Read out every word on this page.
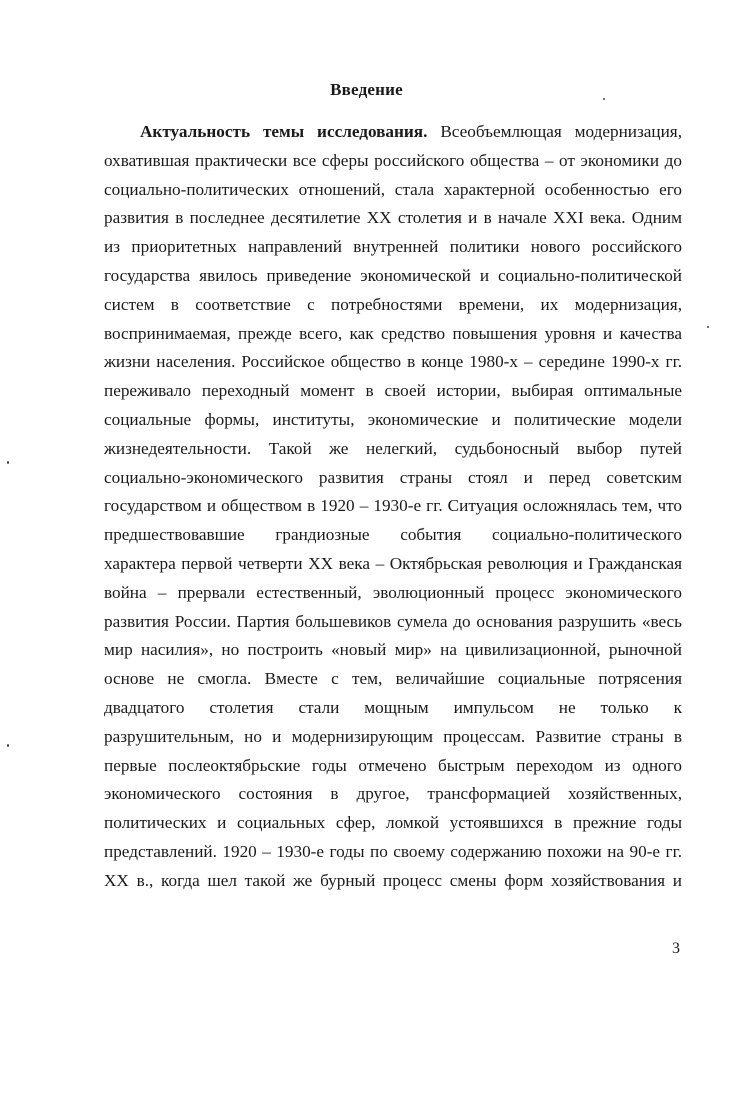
Введение
Актуальность темы исследования. Всеобъемлющая модернизация,
охватившая практически все сферы российского общества – от экономики до
социально-политических отношений, стала характерной особенностью его
развития в последнее десятилетие XX столетия и в начале XXI века. Одним
из приоритетных направлений внутренней политики нового российского
государства явилось приведение экономической и социально-политической
систем в соответствие с потребностями времени, их модернизация,
воспринимаемая, прежде всего, как средство повышения уровня и качества
жизни населения. Российское общество в конце 1980-х – середине 1990-х гг.
переживало переходный момент в своей истории, выбирая оптимальные
социальные формы, институты, экономические и политические модели
жизнедеятельности. Такой же нелегкий, судьбоносный выбор путей
социально-экономического развития страны стоял и перед советским
государством и обществом в 1920 – 1930-е гг. Ситуация осложнялась тем, что
предшествовавшие грандиозные события социально-политического
характера первой четверти XX века – Октябрьская революция и Гражданская
война – прервали естественный, эволюционный процесс экономического
развития России. Партия большевиков сумела до основания разрушить «весь
мир насилия», но построить «новый мир» на цивилизационной, рыночной
основе не смогла. Вместе с тем, величайшие социальные потрясения
двадцатого столетия стали мощным импульсом не только к
разрушительным, но и модернизирующим процессам. Развитие страны в
первые послеоктябрьские годы отмечено быстрым переходом из одного
экономического состояния в другое, трансформацией хозяйственных,
политических и социальных сфер, ломкой устоявшихся в прежние годы
представлений. 1920 – 1930-е годы по своему содержанию похожи на 90-е гг.
XX в., когда шел такой же бурный процесс смены форм хозяйствования и
3
